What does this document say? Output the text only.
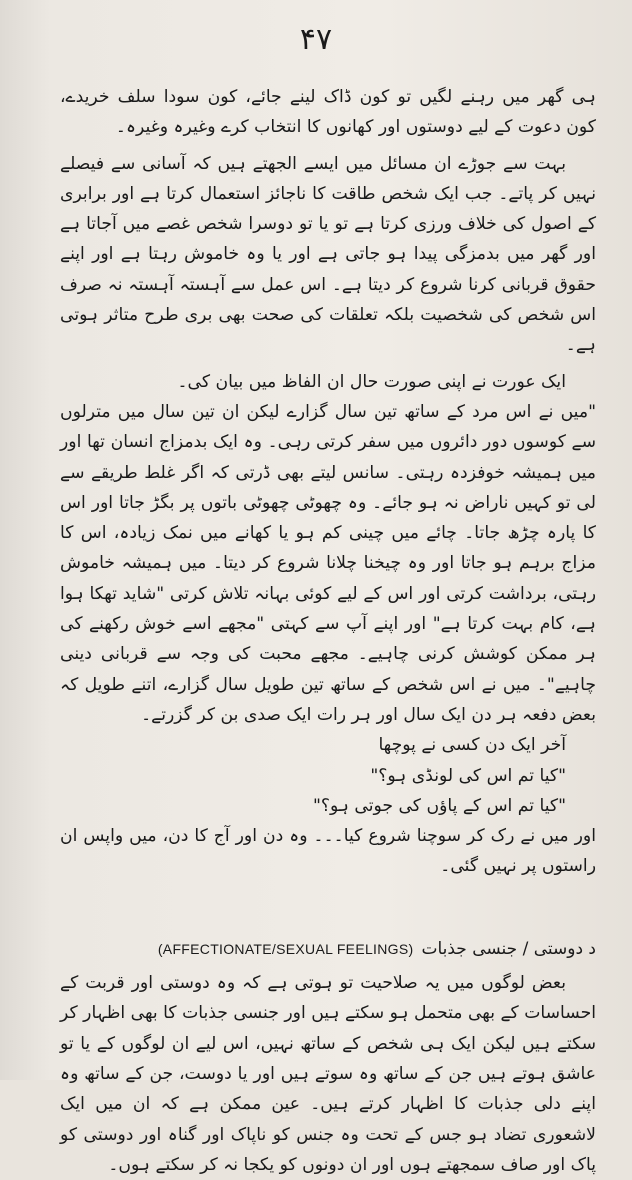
۴۷

ہی گھر میں رہنے لگیں تو کون ڈاک لینے جائے، کون سودا سلف خریدے، کون دعوت کے لیے دوستوں اور کھانوں کا انتخاب کرے وغیرہ وغیرہ۔

بہت سے جوڑے ان مسائل میں ایسے الجھتے ہیں کہ آسانی سے فیصلے نہیں کر پاتے۔ جب ایک شخص طاقت کا ناجائز استعمال کرتا ہے اور برابری کے اصول کی خلاف ورزی کرتا ہے تو یا تو دوسرا شخص غصے میں آجاتا ہے اور گھر میں بدمزگی پیدا ہو جاتی ہے اور یا وہ خاموش رہتا ہے اور اپنے حقوق قربانی کرنا شروع کر دیتا ہے۔ اس عمل سے آہستہ آہستہ نہ صرف اس شخص کی شخصیت بلکہ تعلقات کی صحت بھی بری طرح متاثر ہوتی ہے۔

ایک عورت نے اپنی صورت حال ان الفاظ میں بیان کی۔

"میں نے اس مرد کے ساتھ تین سال گزارے لیکن ان تین سال میں مترلوں سے کوسوں دور دائروں میں سفر کرتی رہی۔ وہ ایک بدمزاج انسان تھا اور میں ہمیشہ خوفزدہ رہتی۔ سانس لیتے بھی ڈرتی کہ اگر غلط طریقے سے لی تو کہیں ناراض نہ ہو جائے۔ وہ چھوٹی چھوٹی باتوں پر بگڑ جاتا اور اس کا پارہ چڑھ جاتا۔ چائے میں چینی کم ہو یا کھانے میں نمک زیادہ، اس کا مزاج برہم ہو جاتا اور وہ چیخنا چلانا شروع کر دیتا۔ میں ہمیشہ خاموش رہتی، برداشت کرتی اور اس کے لیے کوئی بہانہ تلاش کرتی "شاید تھکا ہوا ہے، کام بہت کرتا ہے" اور اپنے آپ سے کہتی "مجھے اسے خوش رکھنے کی ہر ممکن کوشش کرنی چاہیے۔ مجھے محبت کی وجہ سے قربانی دینی چاہیے"۔ میں نے اس شخص کے ساتھ تین طویل سال گزارے، اتنے طویل کہ بعض دفعہ ہر دن ایک سال اور ہر رات ایک صدی بن کر گزرتے۔

آخر ایک دن کسی نے پوچھا

"کیا تم اس کی لونڈی ہو؟"

"کیا تم اس کے پاؤں کی جوتی ہو؟"

اور میں نے رک کر سوچنا شروع کیا۔۔۔ وہ دن اور آج کا دن، میں واپس ان راستوں پر نہیں گئی۔

د دوستی / جنسی جذبات
(AFFECTIONATE/SEXUAL FEELINGS)

بعض لوگوں میں یہ صلاحیت تو ہوتی ہے کہ وہ دوستی اور قربت کے احساسات کے بھی متحمل ہو سکتے ہیں اور جنسی جذبات کا بھی اظہار کر سکتے ہیں لیکن ایک ہی شخص کے ساتھ نہیں، اس لیے ان لوگوں کے یا تو عاشق ہوتے ہیں جن کے ساتھ وہ سوتے ہیں اور یا دوست، جن کے ساتھ وہ اپنے دلی جذبات کا اظہار کرتے ہیں۔ عین ممکن ہے کہ ان میں ایک لاشعوری تضاد ہو جس کے تحت وہ جنس کو ناپاک اور گناہ اور دوستی کو پاک اور صاف سمجھتے ہوں اور ان دونوں کو یکجا نہ کر سکتے ہوں۔
